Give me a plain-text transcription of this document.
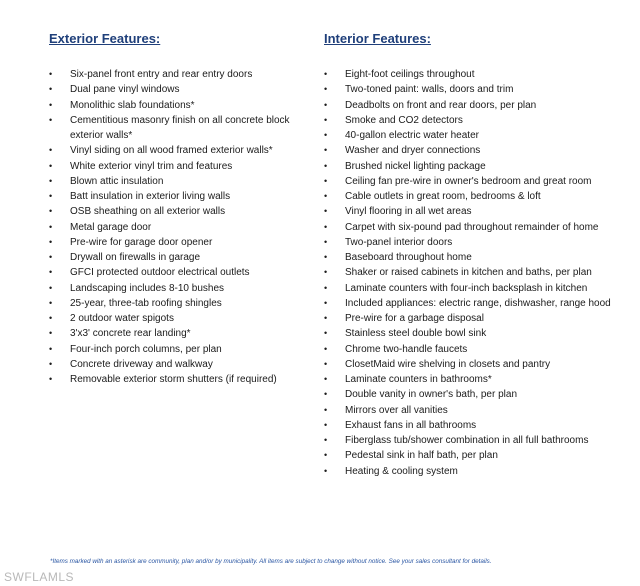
Exterior Features:
• Six-panel front entry and rear entry doors
• Dual pane vinyl windows
• Monolithic slab foundations*
• Cementitious masonry finish on all concrete block exterior walls*
• Vinyl siding on all wood framed exterior walls*
• White exterior vinyl trim and features
• Blown attic insulation
• Batt insulation in exterior living walls
• OSB sheathing on all exterior walls
• Metal garage door
• Pre-wire for garage door opener
• Drywall on firewalls in garage
• GFCI protected outdoor electrical outlets
• Landscaping includes 8-10 bushes
• 25-year, three-tab roofing shingles
• 2 outdoor water spigots
• 3'x3' concrete rear landing*
• Four-inch porch columns, per plan
• Concrete driveway and walkway
• Removable exterior storm shutters (if required)
Interior Features:
• Eight-foot ceilings throughout
• Two-toned paint: walls, doors and trim
• Deadbolts on front and rear doors, per plan
• Smoke and CO2 detectors
• 40-gallon electric water heater
• Washer and dryer connections
• Brushed nickel lighting package
• Ceiling fan pre-wire in owner's bedroom and great room
• Cable outlets in great room, bedrooms & loft
• Vinyl flooring in all wet areas
• Carpet with six-pound pad throughout remainder of home
• Two-panel interior doors
• Baseboard throughout home
• Shaker or raised cabinets in kitchen and baths, per plan
• Laminate counters with four-inch backsplash in kitchen
• Included appliances: electric range, dishwasher, range hood
• Pre-wire for a garbage disposal
• Stainless steel double bowl sink
• Chrome two-handle faucets
• ClosetMaid wire shelving in closets and pantry
• Laminate counters in bathrooms*
• Double vanity in owner's bath, per plan
• Mirrors over all vanities
• Exhaust fans in all bathrooms
• Fiberglass tub/shower combination in all full bathrooms
• Pedestal sink in half bath, per plan
• Heating & cooling system
*Items marked with an asterisk are community, plan and/or by municipality. All items are subject to change without notice. See your sales consultant for details.
SWFLAMLS
